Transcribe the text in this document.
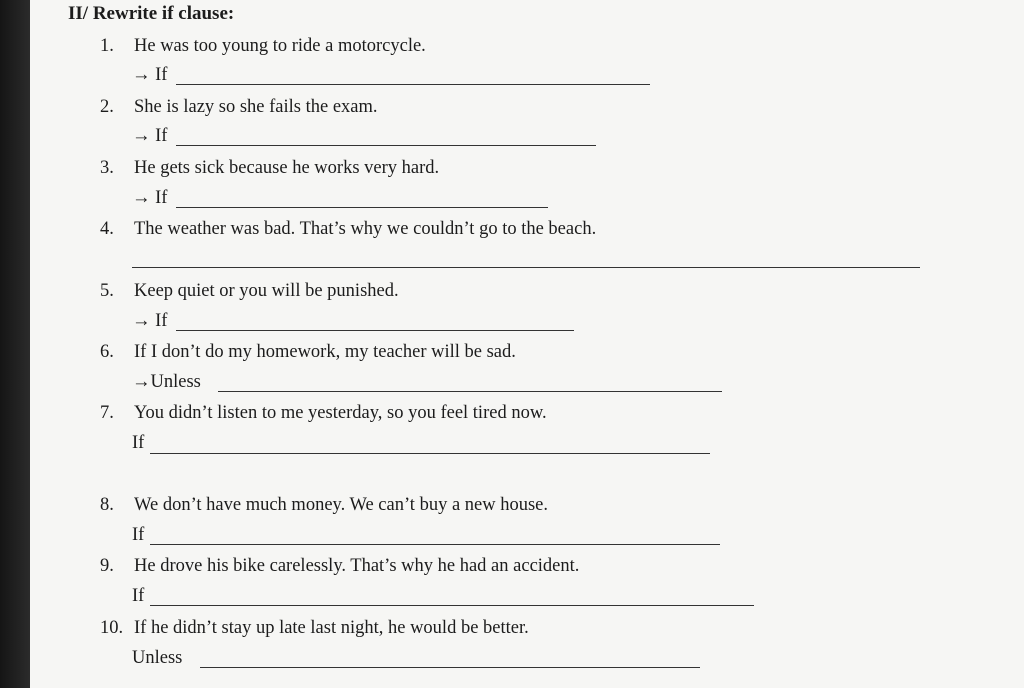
II/ Rewrite if clause:
1. He was too young to ride a motorcycle.
→ If
2. She is lazy so she fails the exam.
→ If
3. He gets sick because he works very hard.
→ If
4. The weather was bad. That’s why we couldn’t go to the beach.
5. Keep quiet or you will be punished.
→ If
6. If I don’t do my homework, my teacher will be sad.
→Unless
7. You didn’t listen to me yesterday, so you feel tired now.
If
8. We don’t have much money. We can’t buy a new house.
If
9. He drove his bike carelessly. That’s why he had an accident.
If
10. If he didn’t stay up late last night, he would be better.
Unless
